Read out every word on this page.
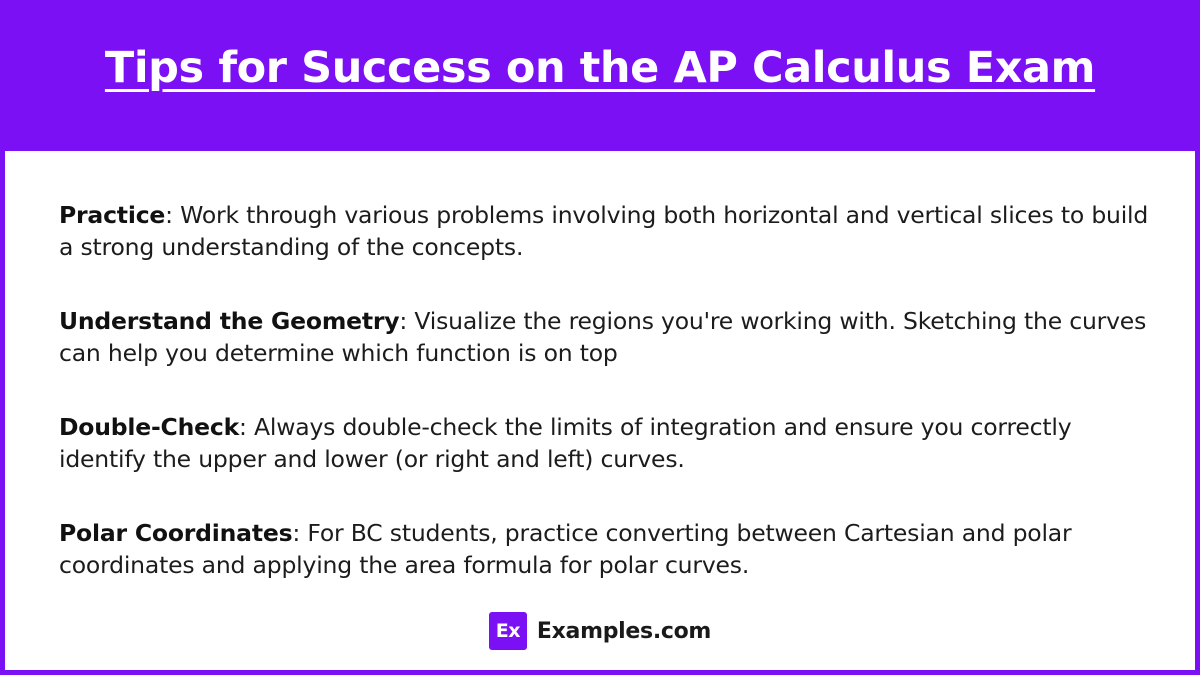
Tips for Success on the AP Calculus Exam
Practice: Work through various problems involving both horizontal and vertical slices to build a strong understanding of the concepts.
Understand the Geometry: Visualize the regions you're working with. Sketching the curves can help you determine which function is on top
Double-Check: Always double-check the limits of integration and ensure you correctly identify the upper and lower (or right and left) curves.
Polar Coordinates: For BC students, practice converting between Cartesian and polar coordinates and applying the area formula for polar curves.
Ex Examples.com
